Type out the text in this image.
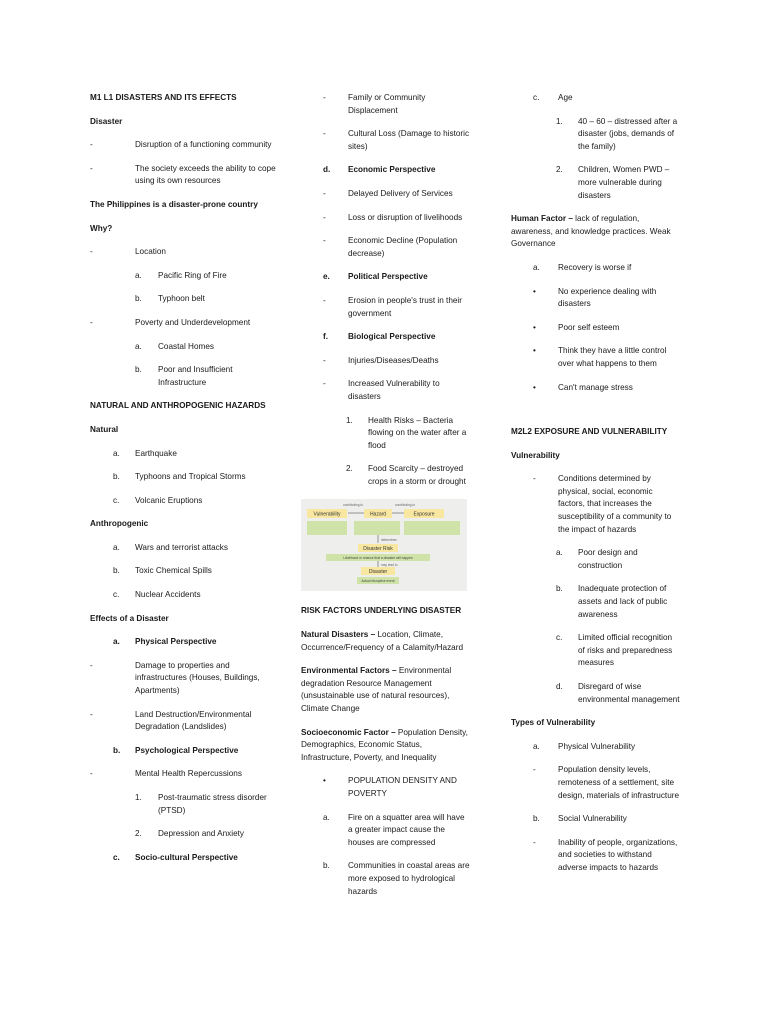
M1 L1 DISASTERS AND ITS EFFECTS
Disaster
-	Disruption of a functioning community
-	The society exceeds the ability to cope using its own resources
The Philippines is a disaster-prone country
Why?
-	Location
a.	Pacific Ring of Fire
b.	Typhoon belt
-	Poverty and Underdevelopment
a.	Coastal Homes
b.	Poor and Insufficient Infrastructure
NATURAL AND ANTHROPOGENIC HAZARDS
Natural
a.	Earthquake
b.	Typhoons and Tropical Storms
c.	Volcanic Eruptions
Anthropogenic
a.	Wars and terrorist attacks
b.	Toxic Chemical Spills
c.	Nuclear Accidents
Effects of a Disaster
a.	Physical Perspective
-	Damage to properties and infrastructures (Houses, Buildings, Apartments)
-	Land Destruction/Environmental Degradation (Landslides)
b.	Psychological Perspective
-	Mental Health Repercussions
1.	Post-traumatic stress disorder (PTSD)
2.	Depression and Anxiety
c.	Socio-cultural Perspective
-	Family or Community Displacement
-	Cultural Loss (Damage to historic sites)
d.	Economic Perspective
-	Delayed Delivery of Services
-	Loss or disruption of livelihoods
-	Economic Decline (Population decrease)
e.	Political Perspective
-	Erosion in people's trust in their government
f.	Biological Perspective
-	Injuries/Diseases/Deaths
-	Increased Vulnerability to disasters
1.	Health Risks – Bacteria flowing on the water after a flood
2.	Food Scarcity – destroyed crops in a storm or drought
contributing to	contributing to
Vulnerability	Hazard	Exposure
determines
Disaster Risk
Likelihood or chance that a disaster will happen
may lead to
Disaster
Actual disruptive event
RISK FACTORS UNDERLYING DISASTER
Natural Disasters – Location, Climate, Occurrence/Frequency of a Calamity/Hazard
Environmental Factors – Environmental degradation Resource Management (unsustainable use of natural resources), Climate Change
Socioeconomic Factor – Population Density, Demographics, Economic Status, Infrastructure, Poverty, and Inequality
•	POPULATION DENSITY AND POVERTY
a.	Fire on a squatter area will have a greater impact cause the houses are compressed
b.	Communities in coastal areas are more exposed to hydrological hazards
c.	Age
1.	40 – 60 – distressed after a disaster (jobs, demands of the family)
2.	Children, Women PWD – more vulnerable during disasters
Human Factor – lack of regulation, awareness, and knowledge practices. Weak Governance
a.	Recovery is worse if
•	No experience dealing with disasters
•	Poor self esteem
•	Think they have a little control over what happens to them
•	Can't manage stress
M2L2 EXPOSURE AND VULNERABILITY
Vulnerability
-	Conditions determined by physical, social, economic factors, that increases the susceptibility of a community to the impact of hazards
a.	Poor design and construction
b.	Inadequate protection of assets and lack of public awareness
c.	Limited official recognition of risks and preparedness measures
d.	Disregard of wise environmental management
Types of Vulnerability
a.	Physical Vulnerability
-	Population density levels, remoteness of a settlement, site design, materials of infrastructure
b.	Social Vulnerability
-	Inability of people, organizations, and societies to withstand adverse impacts to hazards
